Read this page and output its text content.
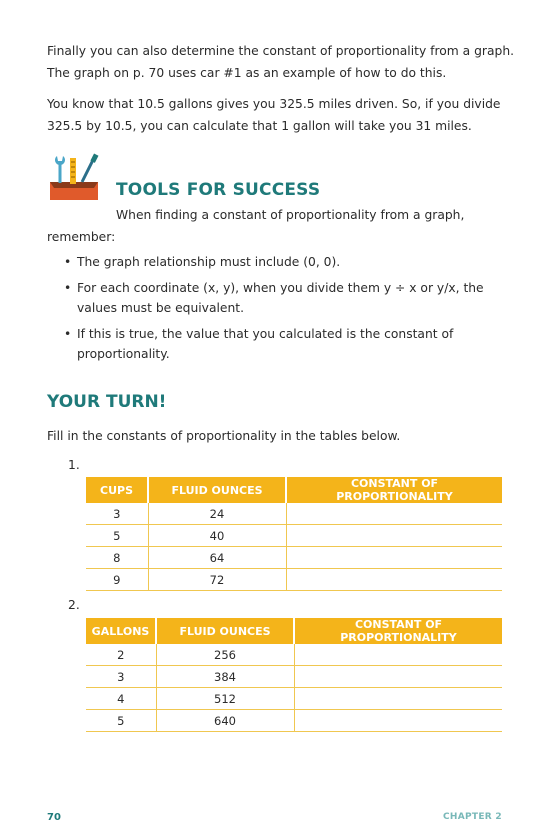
Finally you can also determine the constant of proportionality from a graph. The graph on p. 70 uses car #1 as an example of how to do this.

You know that 10.5 gallons gives you 325.5 miles driven. So, if you divide 325.5 by 10.5, you can calculate that 1 gallon will take you 31 miles.

TOOLS FOR SUCCESS
When finding a constant of proportionality from a graph,
remember:
• The graph relationship must include (0, 0).
• For each coordinate (x, y), when you divide them y ÷ x or y/x, the values must be equivalent.
• If this is true, the value that you calculated is the constant of proportionality.
YOUR TURN!
Fill in the constants of proportionality in the tables below.
1.
CUPS	FLUID OUNCES	CONSTANT OF PROPORTIONALITY
3	24	
5	40	
8	64	
9	72	
2.
GALLONS	FLUID OUNCES	CONSTANT OF PROPORTIONALITY
2	256	
3	384	
4	512	
5	640	
70	CHAPTER 2
